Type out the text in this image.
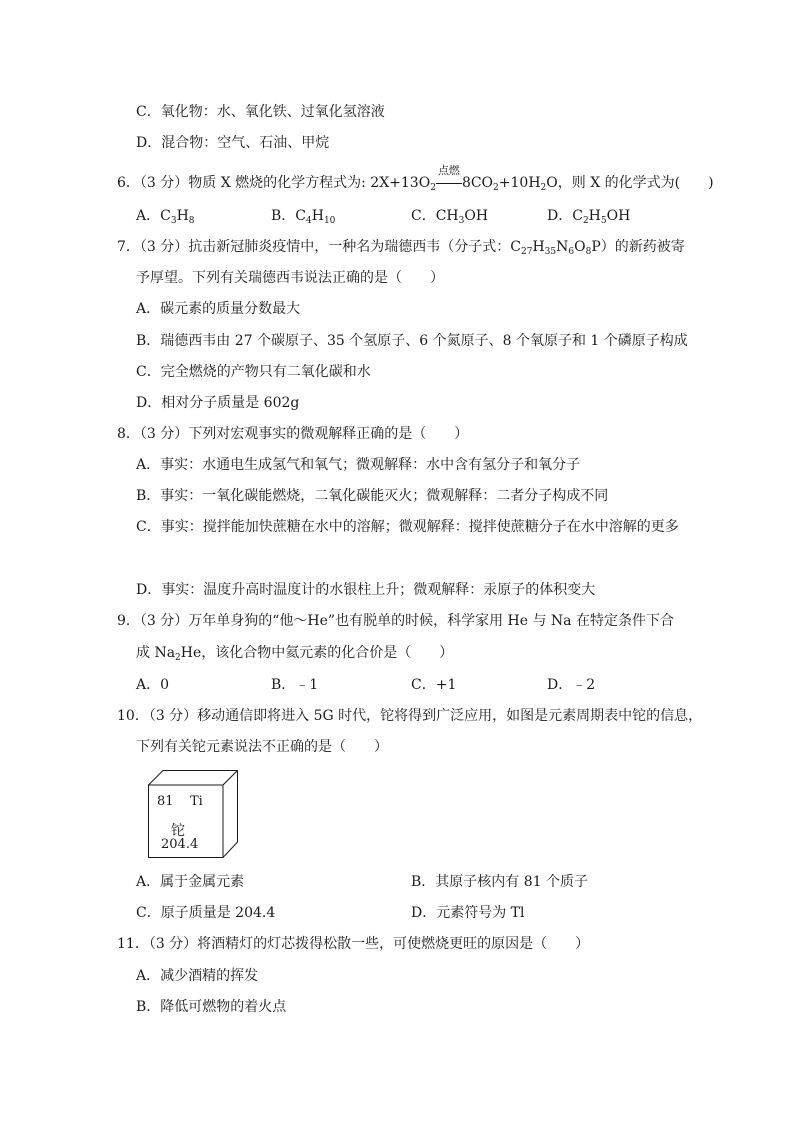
C．氧化物：水、氧化铁、过氧化氢溶液
D．混合物：空气、石油、甲烷
6．（3 分）物质 X 燃烧的化学方程式为: $2X+13O_2$
点燃
$8CO_2+10H_2O$，则 X 的化学式为(　　)
A．$C_3H_8$	B．$C_4H_{10}$	C．$CH_3OH$	D．$C_2H_5OH$
7．（3 分）抗击新冠肺炎疫情中，一种名为瑞德西韦（分子式：$C_{27}H_{35}N_6O_8P$）的新药被寄
予厚望。下列有关瑞德西韦说法正确的是（　　）
A．碳元素的质量分数最大
B．瑞德西韦由 27 个碳原子、35 个氢原子、6 个氮原子、8 个氧原子和 1 个磷原子构成
C．完全燃烧的产物只有二氧化碳和水
D．相对分子质量是 602g
8．（3 分）下列对宏观事实的微观解释正确的是（　　）
A．事实：水通电生成氢气和氧气；微观解释：水中含有氢分子和氧分子
B．事实：一氧化碳能燃烧，二氧化碳能灭火；微观解释：二者分子构成不同
C．事实：搅拌能加快蔗糖在水中的溶解；微观解释：搅拌使蔗糖分子在水中溶解的更多
D．事实：温度升高时温度计的水银柱上升；微观解释：汞原子的体积变大
9．（3 分）万年单身狗的“他～He”也有脱单的时候，科学家用 He 与 Na 在特定条件下合
成 $Na_2He$，该化合物中氦元素的化合价是（　　）
A．0	B．﹣1	C．+1	D．﹣2
10．（3 分）移动通信即将进入 5G 时代，铊将得到广泛应用，如图是元素周期表中铊的信息，
下列有关铊元素说法不正确的是（　　）
81 Ti
铊
204.4
A．属于金属元素	B．其原子核内有 81 个质子
C．原子质量是 204.4	D．元素符号为 Tl
11．（3 分）将酒精灯的灯芯拨得松散一些，可使燃烧更旺的原因是（　　）
A．减少酒精的挥发
B．降低可燃物的着火点
